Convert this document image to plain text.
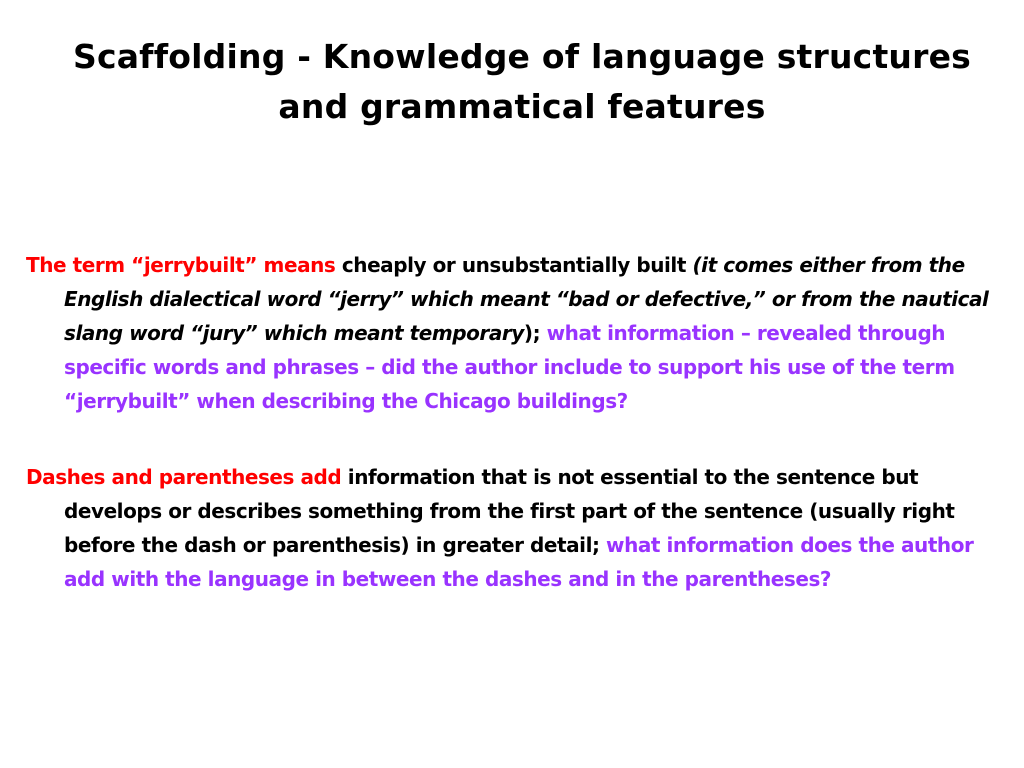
Scaffolding - Knowledge of language structures
and grammatical features

The term “jerrybuilt” means cheaply or unsubstantially built (it comes either from the English dialectical word “jerry” which meant “bad or defective,” or from the nautical slang word “jury” which meant temporary); what information – revealed through specific words and phrases – did the author include to support his use of the term “jerrybuilt” when describing the Chicago buildings?

Dashes and parentheses add information that is not essential to the sentence but develops or describes something from the first part of the sentence (usually right before the dash or parenthesis) in greater detail; what information does the author add with the language in between the dashes and in the parentheses?
